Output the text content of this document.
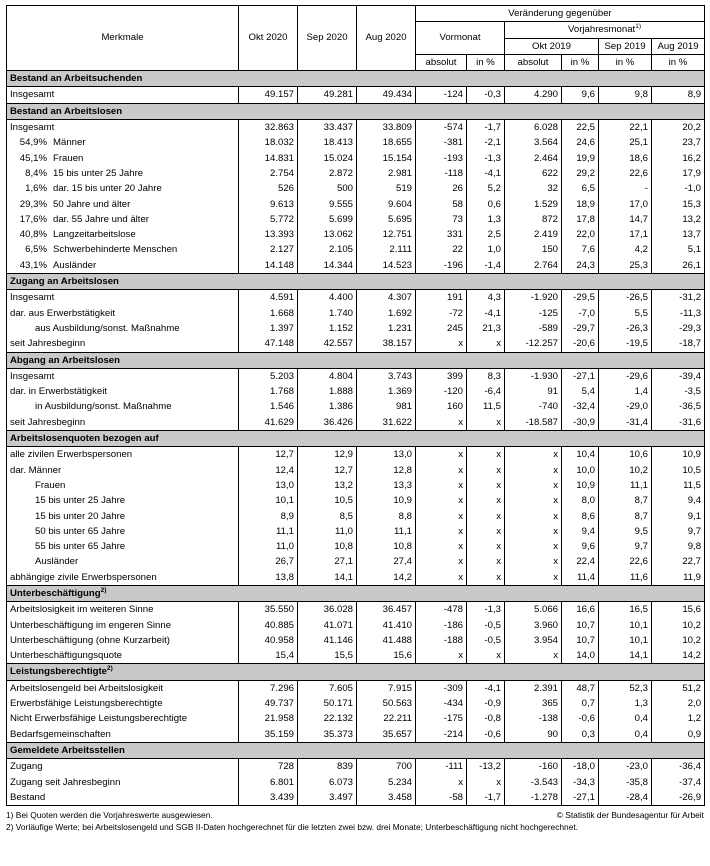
Merkmale	Okt 2020	Sep 2020	Aug 2020	Veränderung gegenüber					
				Vormonat		Vorjahresmonat$^{1)}$
						Okt 2019		Sep 2019	Aug 2019
				absolut	in %	absolut	in %	in %	in %
Bestand an Arbeitsuchenden									
Insgesamt	49.157	49.281	49.434	-124	-0,3	4.290	9,6	9,8	8,9
Bestand an Arbeitslosen									
Insgesamt	32.863	33.437	33.809	-574	-1,7	6.028	22,5	22,1	20,2
54,9% Männer	18.032	18.413	18.655	-381	-2,1	3.564	24,6	25,1	23,7
45,1% Frauen	14.831	15.024	15.154	-193	-1,3	2.464	19,9	18,6	16,2
8,4% 15 bis unter 25 Jahre	2.754	2.872	2.981	-118	-4,1	622	29,2	22,6	17,9
1,6% dar. 15 bis unter 20 Jahre	526	500	519	26	5,2	32	6,5	-	-1,0
29,3% 50 Jahre und älter	9.613	9.555	9.604	58	0,6	1.529	18,9	17,0	15,3
17,6% dar. 55 Jahre und älter	5.772	5.699	5.695	73	1,3	872	17,8	14,7	13,2
40,8% Langzeitarbeitslose	13.393	13.062	12.751	331	2,5	2.419	22,0	17,1	13,7
6,5% Schwerbehinderte Menschen	2.127	2.105	2.111	22	1,0	150	7,6	4,2	5,1
43,1% Ausländer	14.148	14.344	14.523	-196	-1,4	2.764	24,3	25,3	26,1
Zugang an Arbeitslosen									
Insgesamt	4.591	4.400	4.307	191	4,3	-1.920	-29,5	-26,5	-31,2
dar. aus Erwerbstätigkeit	1.668	1.740	1.692	-72	-4,1	-125	-7,0	5,5	-11,3
aus Ausbildung/sonst. Maßnahme	1.397	1.152	1.231	245	21,3	-589	-29,7	-26,3	-29,3
seit Jahresbeginn	47.148	42.557	38.157	x	x	-12.257	-20,6	-19,5	-18,7
Abgang an Arbeitslosen									
Insgesamt	5.203	4.804	3.743	399	8,3	-1.930	-27,1	-29,6	-39,4
dar. in Erwerbstätigkeit	1.768	1.888	1.369	-120	-6,4	91	5,4	1,4	-3,5
in Ausbildung/sonst. Maßnahme	1.546	1.386	981	160	11,5	-740	-32,4	-29,0	-36,5
seit Jahresbeginn	41.629	36.426	31.622	x	x	-18.587	-30,9	-31,4	-31,6
Arbeitslosenquoten bezogen auf									
alle zivilen Erwerbspersonen	12,7	12,9	13,0	x	x	x	10,4	10,6	10,9
dar. Männer	12,4	12,7	12,8	x	x	x	10,0	10,2	10,5
Frauen	13,0	13,2	13,3	x	x	x	10,9	11,1	11,5
15 bis unter 25 Jahre	10,1	10,5	10,9	x	x	x	8,0	8,7	9,4
15 bis unter 20 Jahre	8,9	8,5	8,8	x	x	x	8,6	8,7	9,1
50 bis unter 65 Jahre	11,1	11,0	11,1	x	x	x	9,4	9,5	9,7
55 bis unter 65 Jahre	11,0	10,8	10,8	x	x	x	9,6	9,7	9,8
Ausländer	26,7	27,1	27,4	x	x	x	22,4	22,6	22,7
abhängige zivile Erwerbspersonen	13,8	14,1	14,2	x	x	x	11,4	11,6	11,9
Unterbeschäftigung$^{2)}$
Arbeitslosigkeit im weiteren Sinne	35.550	36.028	36.457	-478	-1,3	5.066	16,6	16,5	15,6
Unterbeschäftigung im engeren Sinne	40.885	41.071	41.410	-186	-0,5	3.960	10,7	10,1	10,2
Unterbeschäftigung (ohne Kurzarbeit)	40.958	41.146	41.488	-188	-0,5	3.954	10,7	10,1	10,2
Unterbeschäftigungsquote	15,4	15,5	15,6	x	x	x	14,0	14,1	14,2
Leistungsberechtigte$^{2)}$
Arbeitslosengeld bei Arbeitslosigkeit	7.296	7.605	7.915	-309	-4,1	2.391	48,7	52,3	51,2
Erwerbsfähige Leistungsberechtigte	49.737	50.171	50.563	-434	-0,9	365	0,7	1,3	2,0
Nicht Erwerbsfähige Leistungsberechtigte	21.958	22.132	22.211	-175	-0,8	-138	-0,6	0,4	1,2
Bedarfsgemeinschaften	35.159	35.373	35.657	-214	-0,6	90	0,3	0,4	0,9
Gemeldete Arbeitsstellen									
Zugang	728	839	700	-111	-13,2	-160	-18,0	-23,0	-36,4
Zugang seit Jahresbeginn	6.801	6.073	5.234	x	x	-3.543	-34,3	-35,8	-37,4
Bestand	3.439	3.497	3.458	-58	-1,7	-1.278	-27,1	-28,4	-26,9
1) Bei Quoten werden die Vorjahreswerte ausgewiesen.	© Statistik der Bundesagentur für Arbeit
2) Vorläufige Werte; bei Arbeitslosengeld und SGB II-Daten hochgerechnet für die letzten zwei bzw. drei Monate; Unterbeschäftigung nicht hochgerechnet.
